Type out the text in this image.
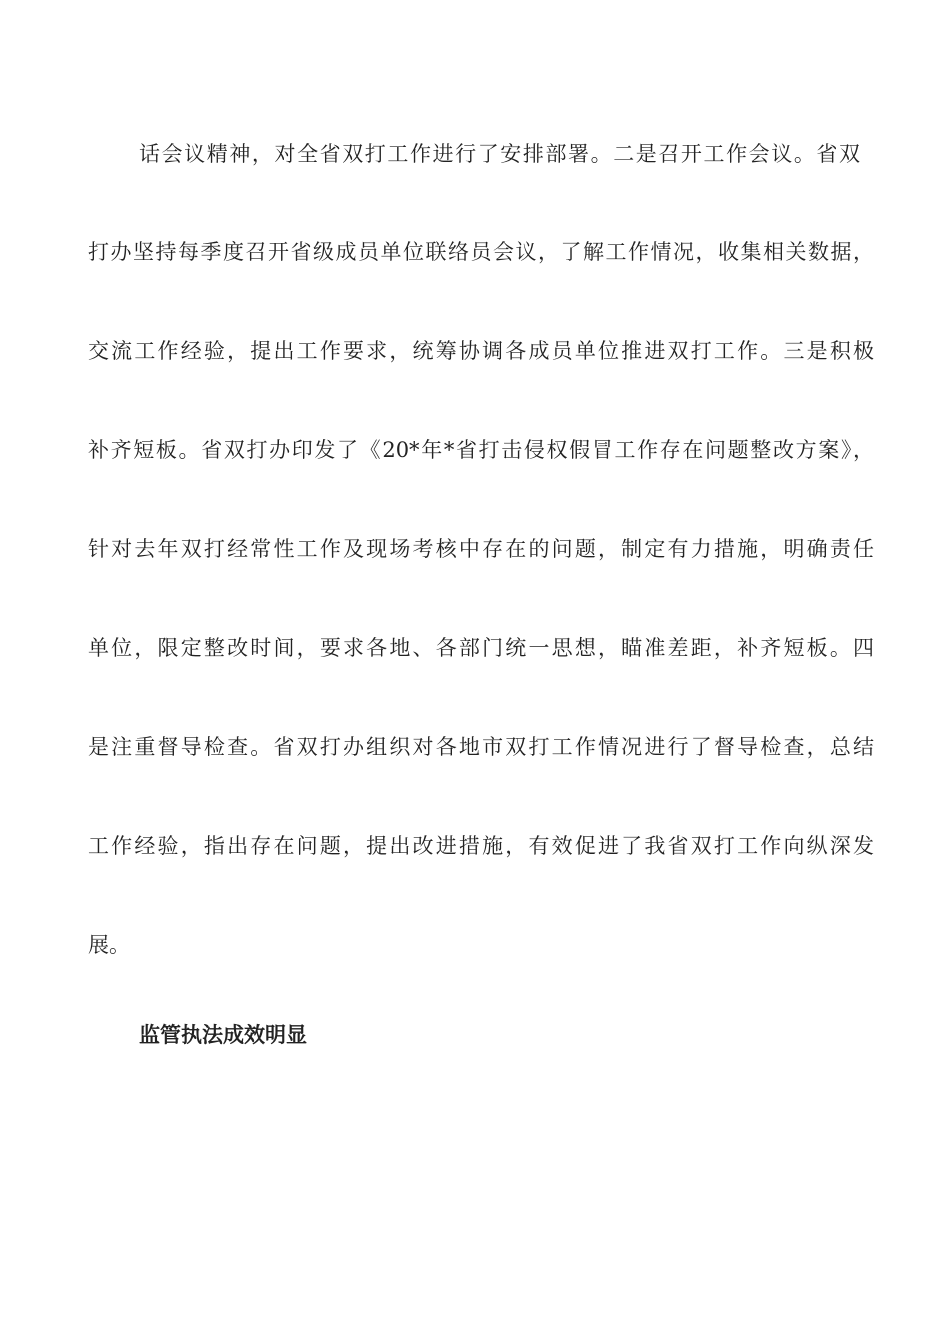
话会议精神，对全省双打工作进行了安排部署。二是召开工作会议。省双
打办坚持每季度召开省级成员单位联络员会议，了解工作情况，收集相关数据，
交流工作经验，提出工作要求，统筹协调各成员单位推进双打工作。三是积极
补齐短板。省双打办印发了《20*年*省打击侵权假冒工作存在问题整改方案》，
针对去年双打经常性工作及现场考核中存在的问题，制定有力措施，明确责任
单位，限定整改时间，要求各地、各部门统一思想，瞄准差距，补齐短板。四
是注重督导检查。省双打办组织对各地市双打工作情况进行了督导检查，总结
工作经验，指出存在问题，提出改进措施，有效促进了我省双打工作向纵深发
展。
监管执法成效明显
